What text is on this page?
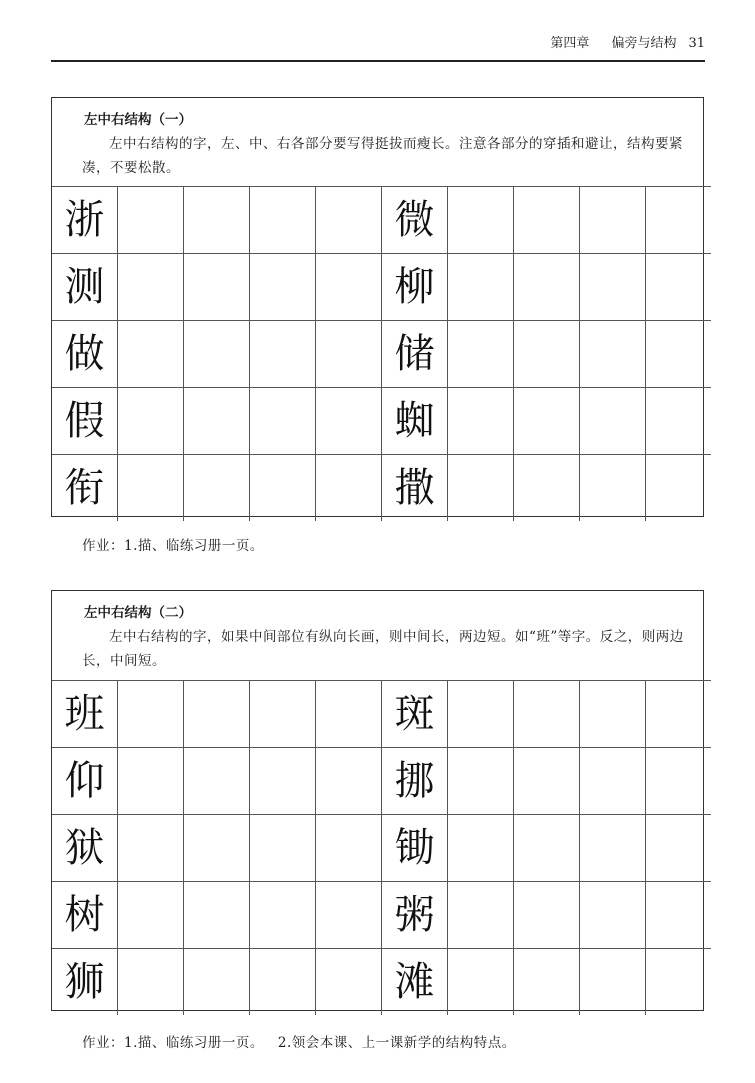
第四章 偏旁与结构 31
左中右结构（一）
左中右结构的字，左、中、右各部分要写得挺拔而瘦长。注意各部分的穿插和避让，结构要紧凑，不要松散。
浙					微				
测					柳				
做					储				
假					蜘				
衔					撒				
作业：1.描、临练习册一页。
左中右结构（二）
左中右结构的字，如果中间部位有纵向长画，则中间长，两边短。如“班”等字。反之，则两边长，中间短。
班					斑				
仰					挪				
狱					锄				
树					粥				
狮					滩				
作业：1.描、临练习册一页。 2.领会本课、上一课新学的结构特点。
